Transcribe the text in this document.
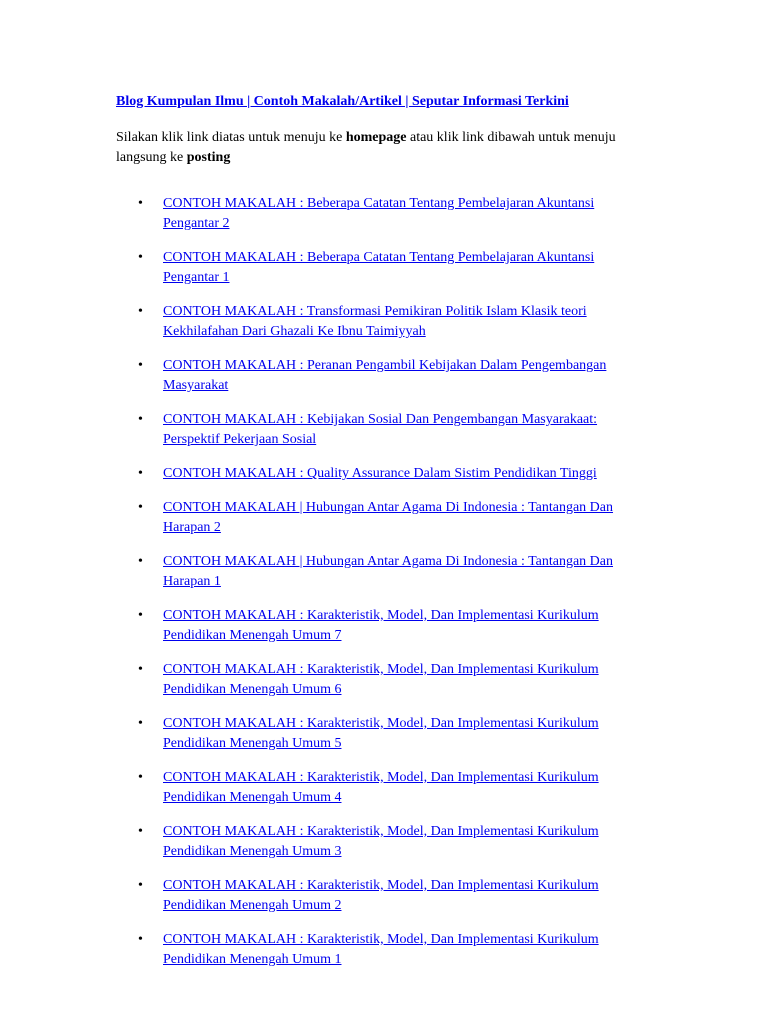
Blog Kumpulan Ilmu | Contoh Makalah/Artikel | Seputar Informasi Terkini
Silakan klik link diatas untuk menuju ke homepage atau klik link dibawah untuk menuju langsung ke posting
• CONTOH MAKALAH : Beberapa Catatan Tentang Pembelajaran Akuntansi Pengantar 2
• CONTOH MAKALAH : Beberapa Catatan Tentang Pembelajaran Akuntansi Pengantar 1
• CONTOH MAKALAH : Transformasi Pemikiran Politik Islam Klasik teori Kekhilafahan Dari Ghazali Ke Ibnu Taimiyyah
• CONTOH MAKALAH : Peranan Pengambil Kebijakan Dalam Pengembangan Masyarakat
• CONTOH MAKALAH : Kebijakan Sosial Dan Pengembangan Masyarakaat: Perspektif Pekerjaan Sosial
• CONTOH MAKALAH : Quality Assurance Dalam Sistim Pendidikan Tinggi
• CONTOH MAKALAH | Hubungan Antar Agama Di Indonesia : Tantangan Dan Harapan 2
• CONTOH MAKALAH | Hubungan Antar Agama Di Indonesia : Tantangan Dan Harapan 1
• CONTOH MAKALAH : Karakteristik, Model, Dan Implementasi Kurikulum Pendidikan Menengah Umum 7
• CONTOH MAKALAH : Karakteristik, Model, Dan Implementasi Kurikulum Pendidikan Menengah Umum 6
• CONTOH MAKALAH : Karakteristik, Model, Dan Implementasi Kurikulum Pendidikan Menengah Umum 5
• CONTOH MAKALAH : Karakteristik, Model, Dan Implementasi Kurikulum Pendidikan Menengah Umum 4
• CONTOH MAKALAH : Karakteristik, Model, Dan Implementasi Kurikulum Pendidikan Menengah Umum 3
• CONTOH MAKALAH : Karakteristik, Model, Dan Implementasi Kurikulum Pendidikan Menengah Umum 2
• CONTOH MAKALAH : Karakteristik, Model, Dan Implementasi Kurikulum Pendidikan Menengah Umum 1
